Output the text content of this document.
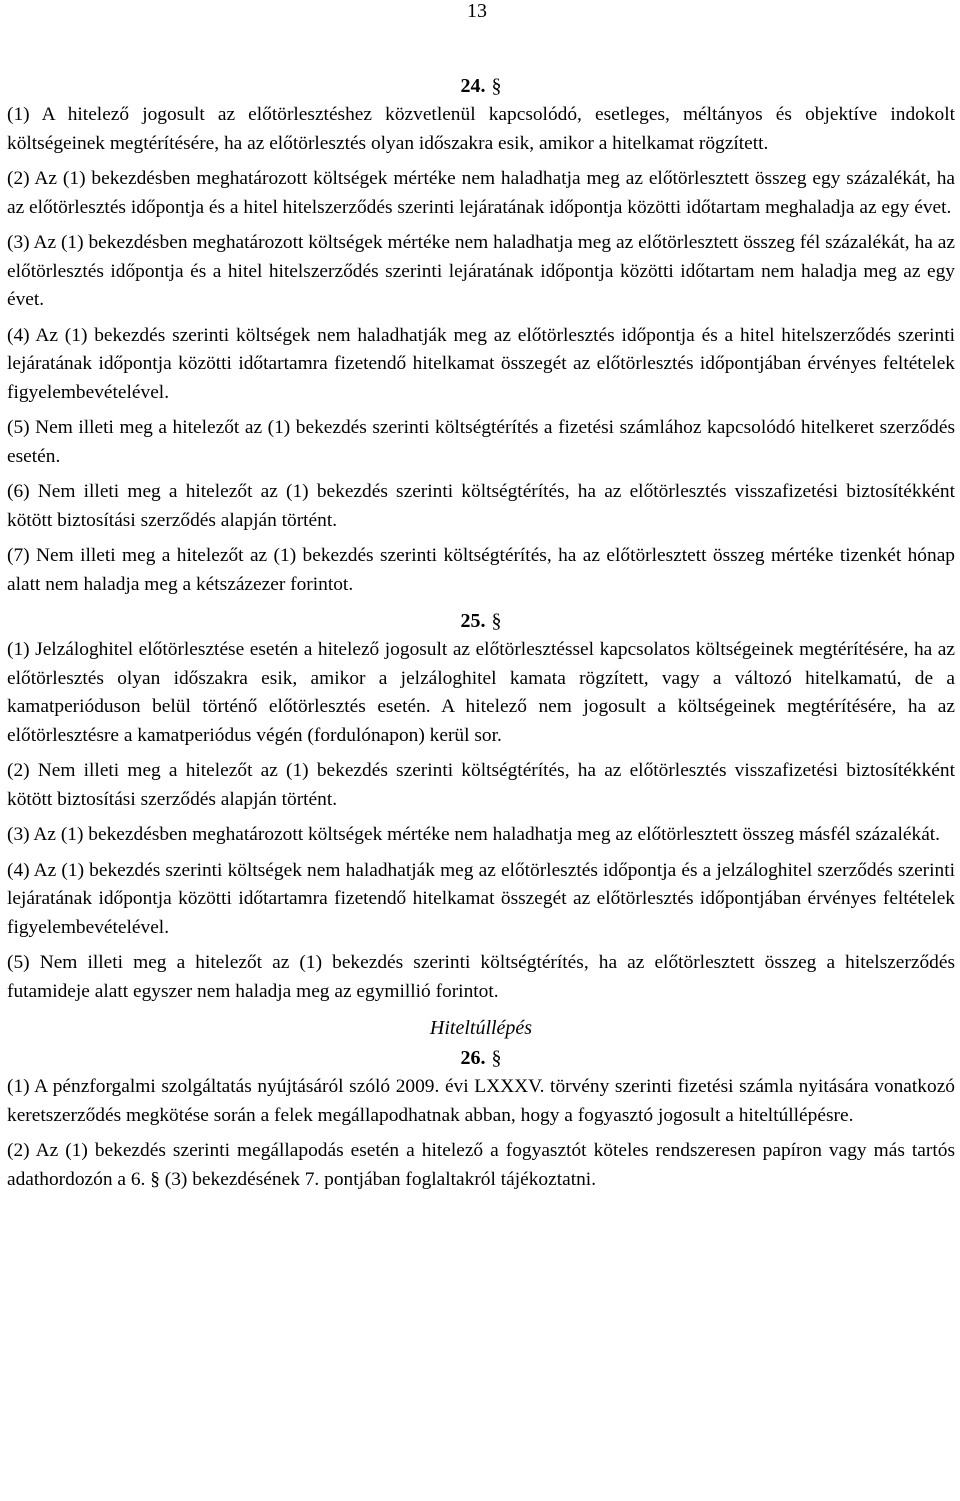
13
24. §

(1) A hitelező jogosult az előtörlesztéshez közvetlenül kapcsolódó, esetleges, méltányos és objektíve indokolt költségeinek megtérítésére, ha az előtörlesztés olyan időszakra esik, amikor a hitelkamat rögzített.

(2) Az (1) bekezdésben meghatározott költségek mértéke nem haladhatja meg az előtörlesztett összeg egy százalékát, ha az előtörlesztés időpontja és a hitel hitelszerződés szerinti lejáratának időpontja közötti időtartam meghaladja az egy évet.

(3) Az (1) bekezdésben meghatározott költségek mértéke nem haladhatja meg az előtörlesztett összeg fél százalékát, ha az előtörlesztés időpontja és a hitel hitelszerződés szerinti lejáratának időpontja közötti időtartam nem haladja meg az egy évet.

(4) Az (1) bekezdés szerinti költségek nem haladhatják meg az előtörlesztés időpontja és a hitel hitelszerződés szerinti lejáratának időpontja közötti időtartamra fizetendő hitelkamat összegét az előtörlesztés időpontjában érvényes feltételek figyelembevételével.

(5) Nem illeti meg a hitelezőt az (1) bekezdés szerinti költségtérítés a fizetési számlához kapcsolódó hitelkeret szerződés esetén.

(6) Nem illeti meg a hitelezőt az (1) bekezdés szerinti költségtérítés, ha az előtörlesztés visszafizetési biztosítékként kötött biztosítási szerződés alapján történt.

(7) Nem illeti meg a hitelezőt az (1) bekezdés szerinti költségtérítés, ha az előtörlesztett összeg mértéke tizenkét hónap alatt nem haladja meg a kétszázezer forintot.

25. §

(1) Jelzáloghitel előtörlesztése esetén a hitelező jogosult az előtörlesztéssel kapcsolatos költségeinek megtérítésére, ha az előtörlesztés olyan időszakra esik, amikor a jelzáloghitel kamata rögzített, vagy a változó hitelkamatú, de a kamatperióduson belül történő előtörlesztés esetén. A hitelező nem jogosult a költségeinek megtérítésére, ha az előtörlesztésre a kamatperiódus végén (fordulónapon) kerül sor.

(2) Nem illeti meg a hitelezőt az (1) bekezdés szerinti költségtérítés, ha az előtörlesztés visszafizetési biztosítékként kötött biztosítási szerződés alapján történt.

(3) Az (1) bekezdésben meghatározott költségek mértéke nem haladhatja meg az előtörlesztett összeg másfél százalékát.

(4) Az (1) bekezdés szerinti költségek nem haladhatják meg az előtörlesztés időpontja és a jelzáloghitel szerződés szerinti lejáratának időpontja közötti időtartamra fizetendő hitelkamat összegét az előtörlesztés időpontjában érvényes feltételek figyelembevételével.

(5) Nem illeti meg a hitelezőt az (1) bekezdés szerinti költségtérítés, ha az előtörlesztett összeg a hitelszerződés futamideje alatt egyszer nem haladja meg az egymillió forintot.

Hiteltúllépés
26. §

(1) A pénzforgalmi szolgáltatás nyújtásáról szóló 2009. évi LXXXV. törvény szerinti fizetési számla nyitására vonatkozó keretszerződés megkötése során a felek megállapodhatnak abban, hogy a fogyasztó jogosult a hiteltúllépésre.

(2) Az (1) bekezdés szerinti megállapodás esetén a hitelező a fogyasztót köteles rendszeresen papíron vagy más tartós adathordozón a 6. § (3) bekezdésének 7. pontjában foglaltakról tájékoztatni.
